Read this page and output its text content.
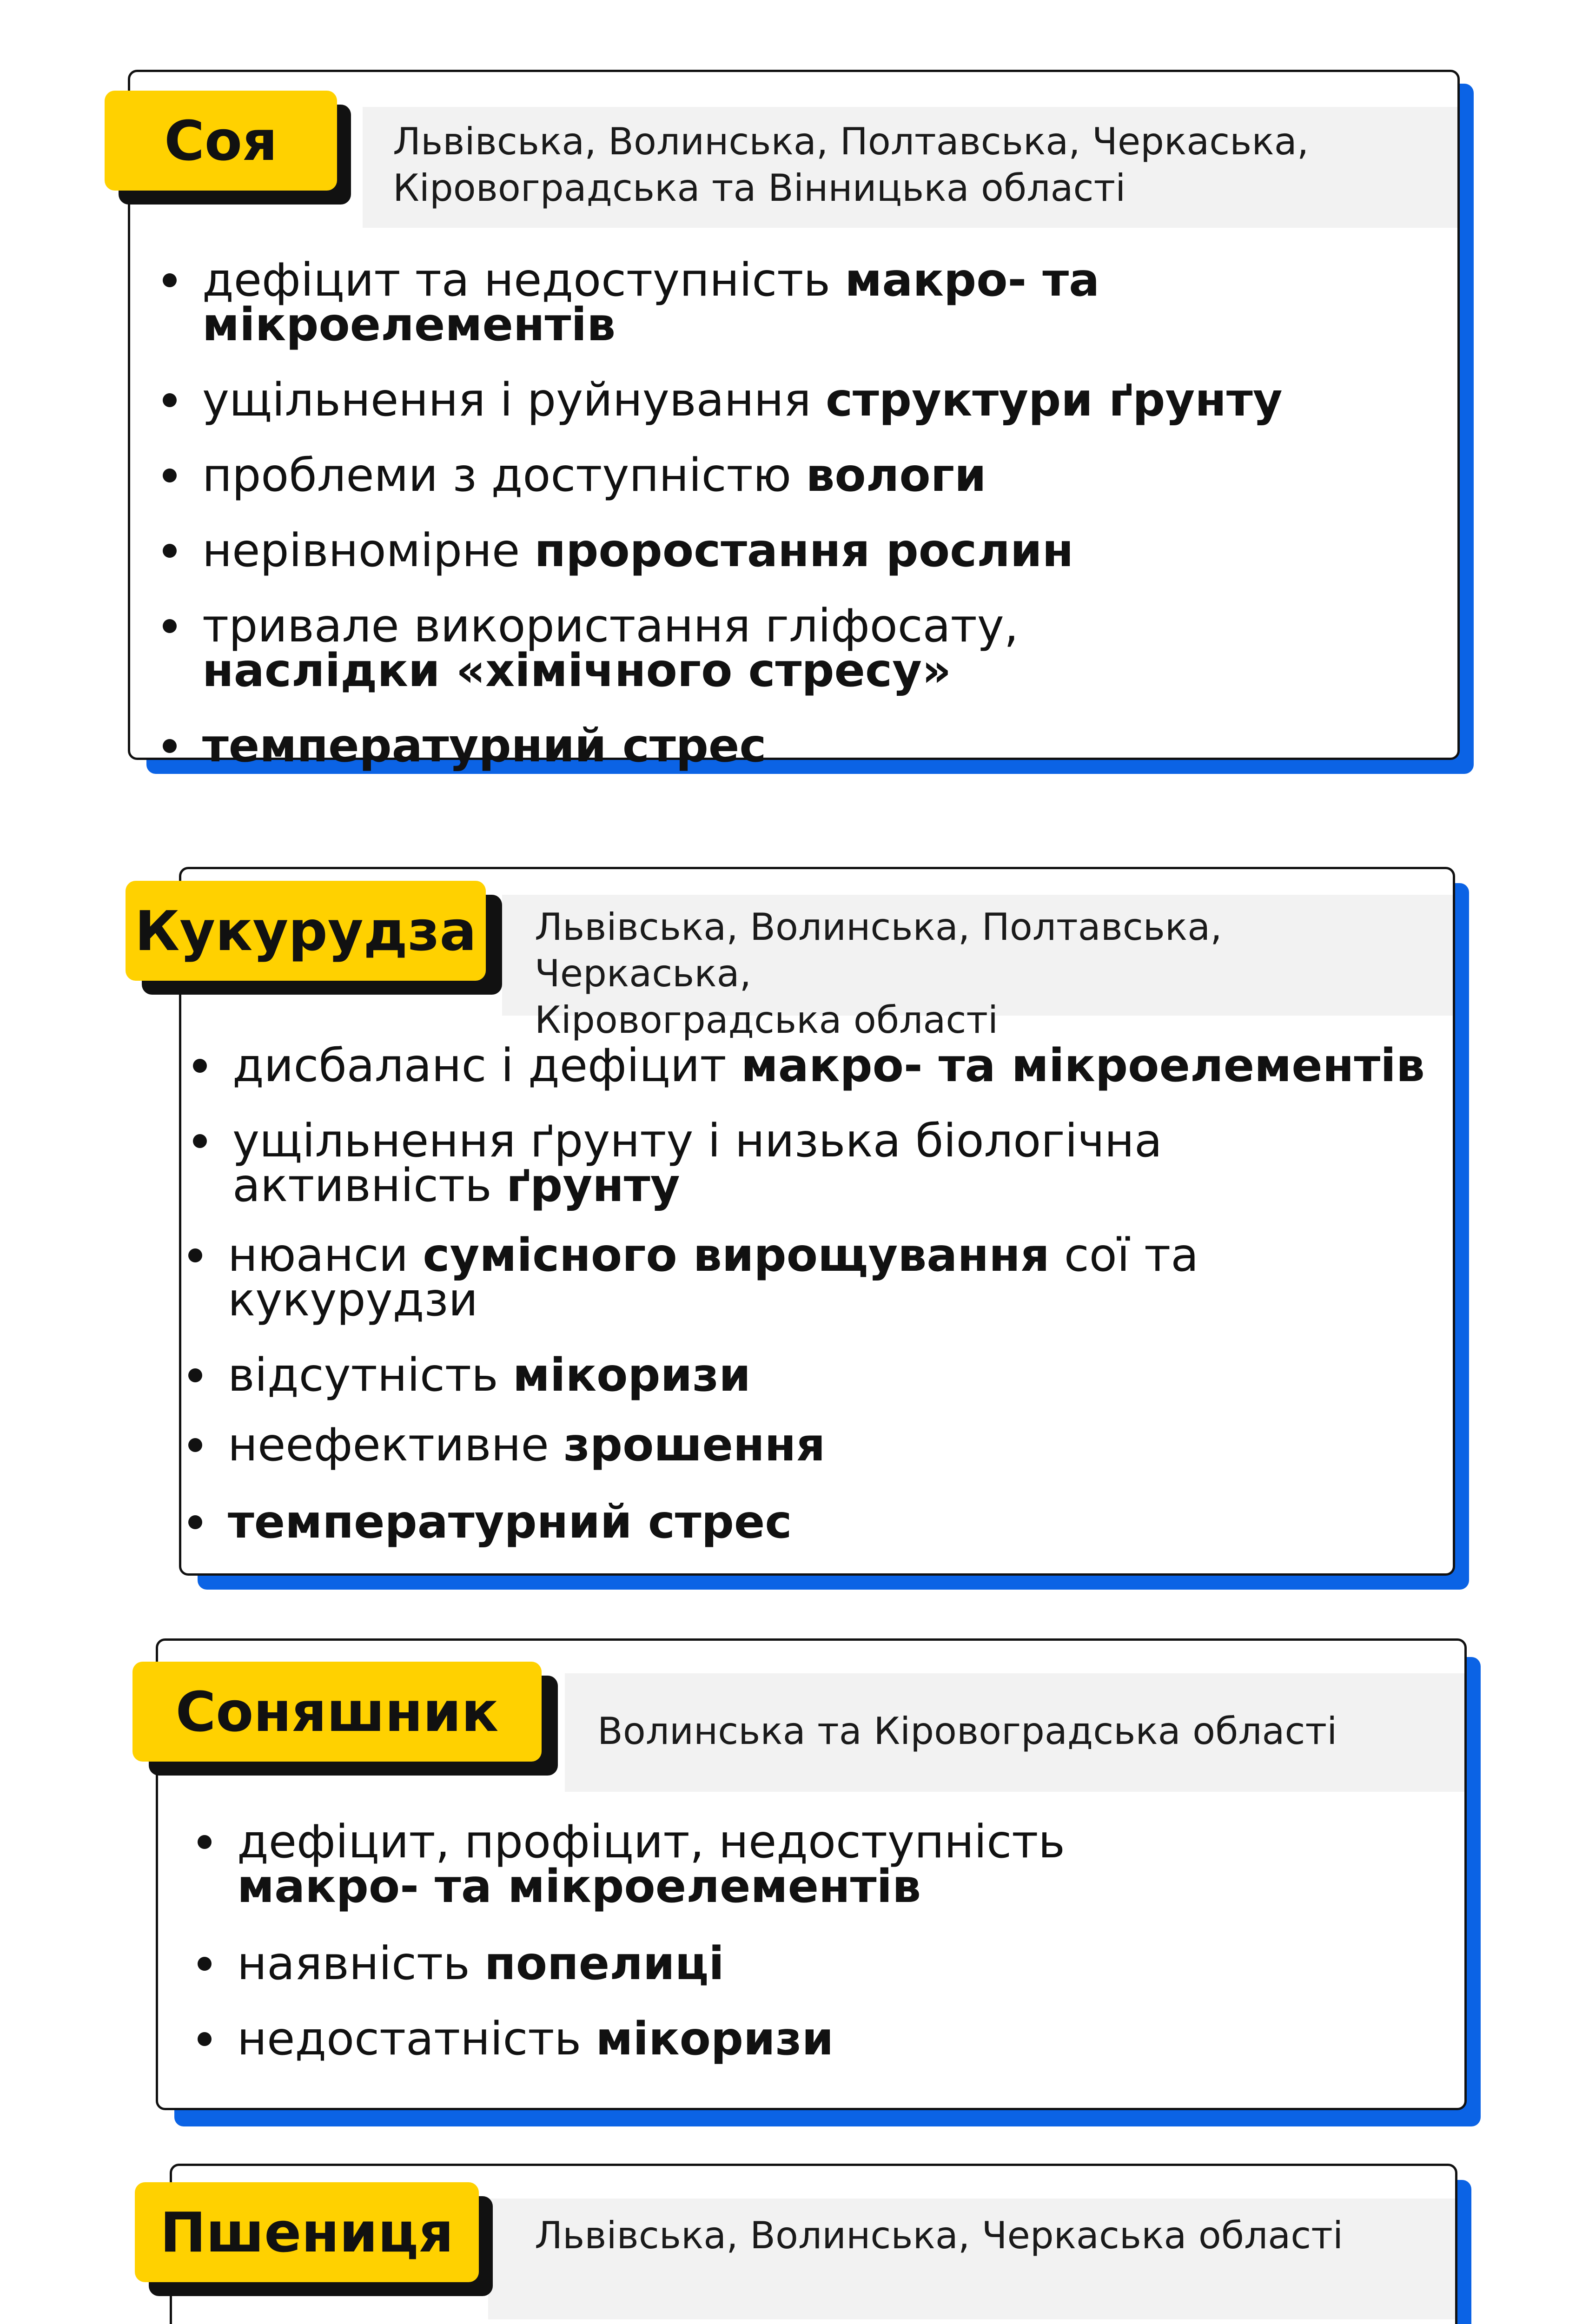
Львівська, Волинська, Полтавська, Черкаська,
Кіровоградська та Вінницька області
Соя
дефіцит та недоступність макро- та мікроелементів
ущільнення і руйнування структури ґрунту
проблеми з доступністю вологи
нерівномірне проростання рослин
тривале використання гліфосату,
наслідки «хімічного стресу»
температурний стрес
Львівська, Волинська, Полтавська, Черкаська,
Кіровоградська області
Кукурудза
дисбаланс і дефіцит макро- та мікроелементів
ущільнення ґрунту і низька біологічна
активність ґрунту
нюанси сумісного вирощування сої та кукурудзи
відсутність мікоризи
неефективне зрошення
температурний стрес
Волинська та Кіровоградська області
Соняшник
дефіцит, профіцит, недоступність
макро- та мікроелементів
наявність попелиці
недостатність мікоризи
Львівська, Волинська, Черкаська області
Пшениця
